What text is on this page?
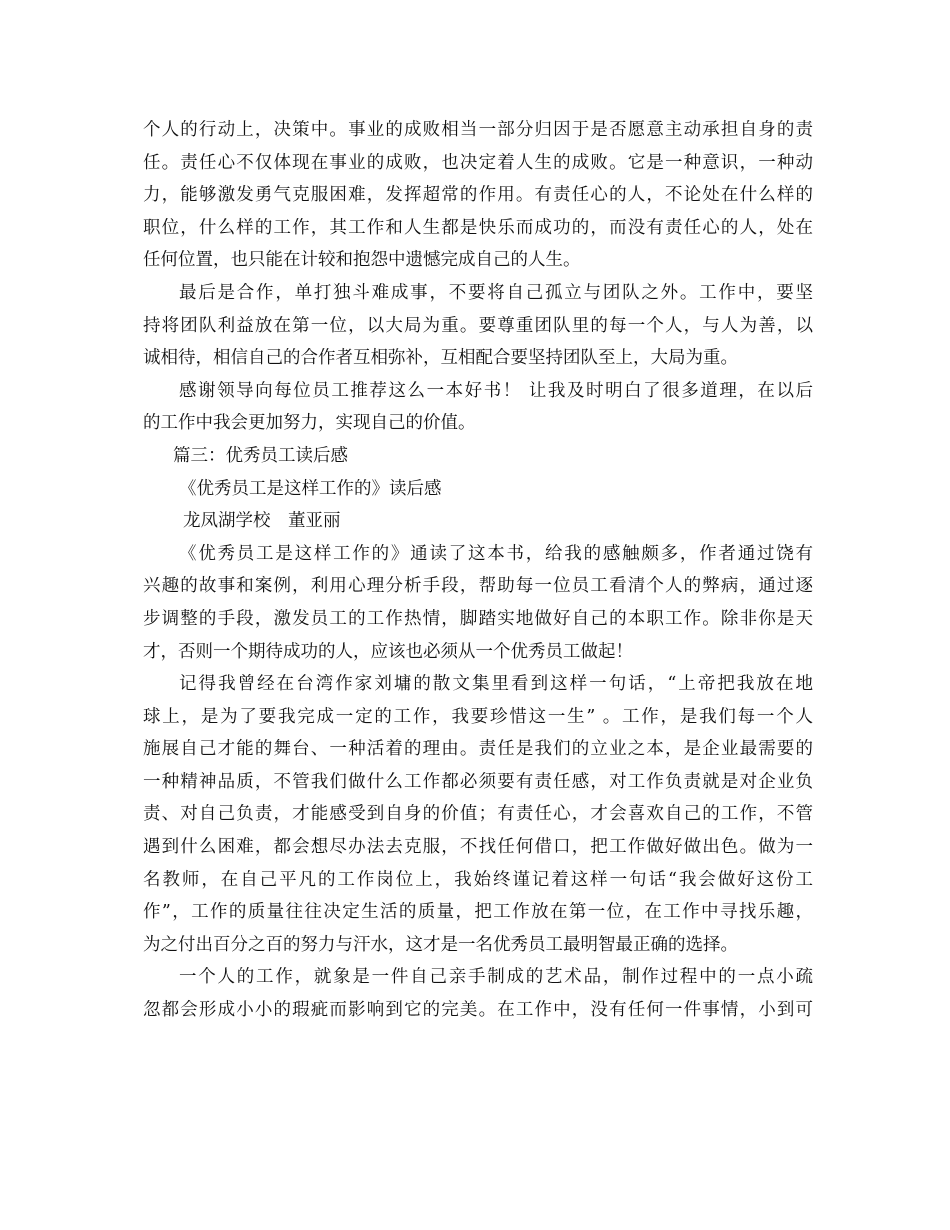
个人的行动上，决策中。事业的成败相当一部分归因于是否愿意主动承担自身的责
任。责任心不仅体现在事业的成败，也决定着人生的成败。它是一种意识，一种动
力，能够激发勇气克服困难，发挥超常的作用。有责任心的人，不论处在什么样的
职位，什么样的工作，其工作和人生都是快乐而成功的，而没有责任心的人，处在
任何位置，也只能在计较和抱怨中遗憾完成自己的人生。
最后是合作，单打独斗难成事，不要将自己孤立与团队之外。工作中，要坚
持将团队利益放在第一位，以大局为重。要尊重团队里的每一个人，与人为善，以
诚相待，相信自己的合作者互相弥补，互相配合要坚持团队至上，大局为重。
感谢领导向每位员工推荐这么一本好书！ 让我及时明白了很多道理，在以后
的工作中我会更加努力，实现自己的价值。
篇三：优秀员工读后感
《优秀员工是这样工作的》读后感
龙凤湖学校　董亚丽
《优秀员工是这样工作的》通读了这本书，给我的感触颇多，作者通过饶有
兴趣的故事和案例，利用心理分析手段，帮助每一位员工看清个人的弊病，通过逐
步调整的手段，激发员工的工作热情，脚踏实地做好自己的本职工作。除非你是天
才，否则一个期待成功的人，应该也必须从一个优秀员工做起！
记得我曾经在台湾作家刘墉的散文集里看到这样一句话，“上帝把我放在地
球上，是为了要我完成一定的工作，我要珍惜这一生” 。工作，是我们每一个人
施展自己才能的舞台、一种活着的理由。责任是我们的立业之本，是企业最需要的
一种精神品质，不管我们做什么工作都必须要有责任感，对工作负责就是对企业负
责、对自己负责，才能感受到自身的价值；有责任心，才会喜欢自己的工作，不管
遇到什么困难，都会想尽办法去克服，不找任何借口，把工作做好做出色。做为一
名教师，在自己平凡的工作岗位上，我始终谨记着这样一句话“我会做好这份工
作”，工作的质量往往决定生活的质量，把工作放在第一位，在工作中寻找乐趣，
为之付出百分之百的努力与汗水，这才是一名优秀员工最明智最正确的选择。
一个人的工作，就象是一件自己亲手制成的艺术品，制作过程中的一点小疏
忽都会形成小小的瑕疵而影响到它的完美。在工作中，没有任何一件事情，小到可
